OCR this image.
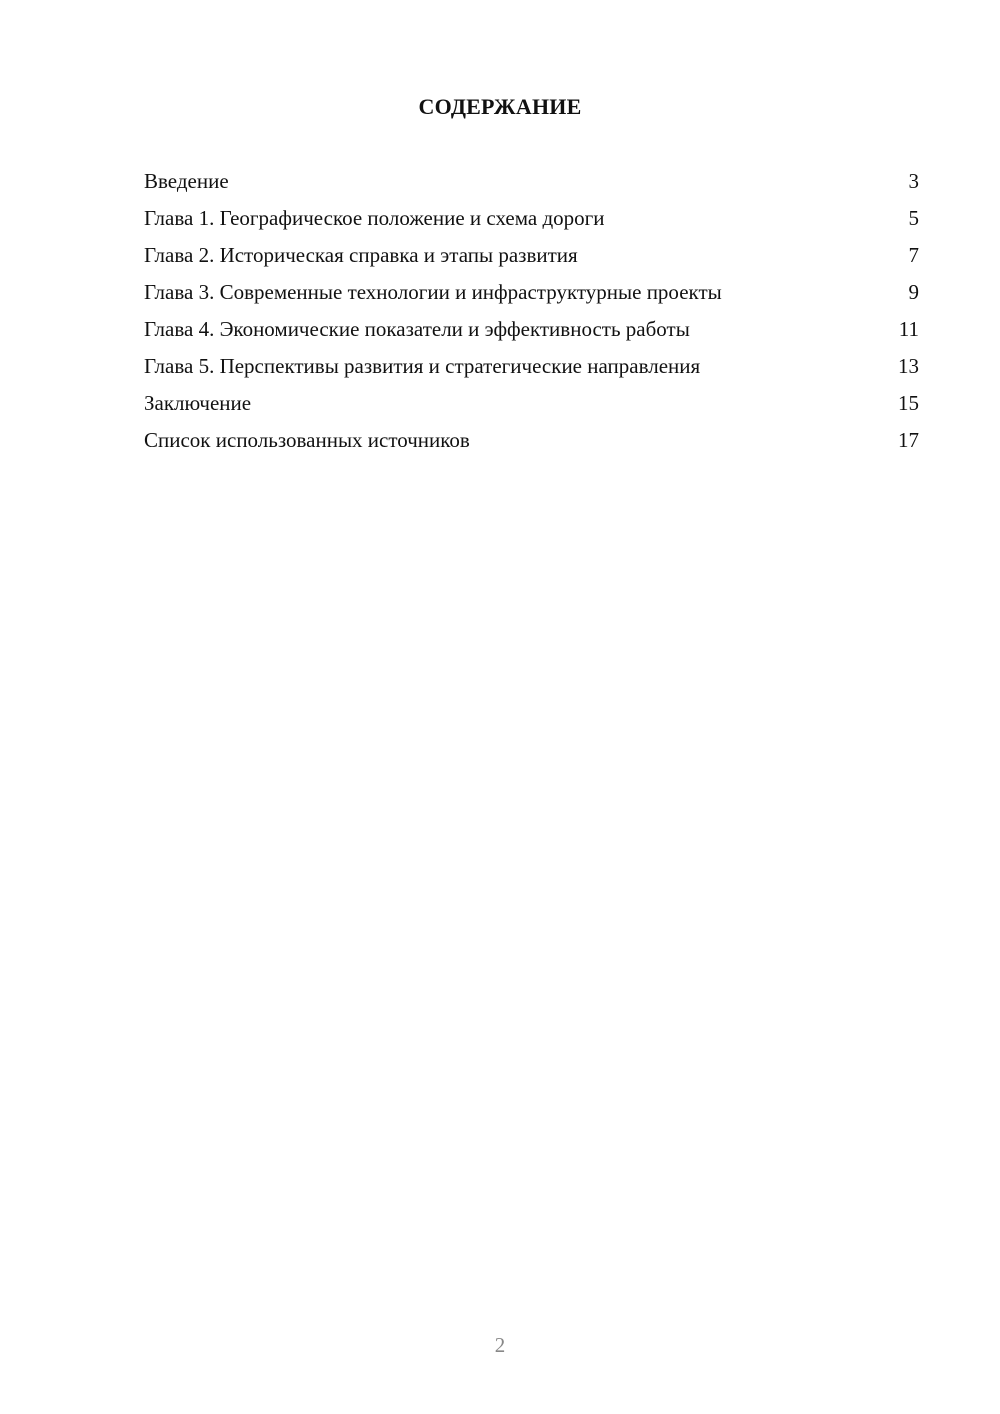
СОДЕРЖАНИЕ
Введение	3
Глава 1. Географическое положение и схема дороги	5
Глава 2. Историческая справка и этапы развития	7
Глава 3. Современные технологии и инфраструктурные проекты	9
Глава 4. Экономические показатели и эффективность работы	11
Глава 5. Перспективы развития и стратегические направления	13
Заключение	15
Список использованных источников	17
2
